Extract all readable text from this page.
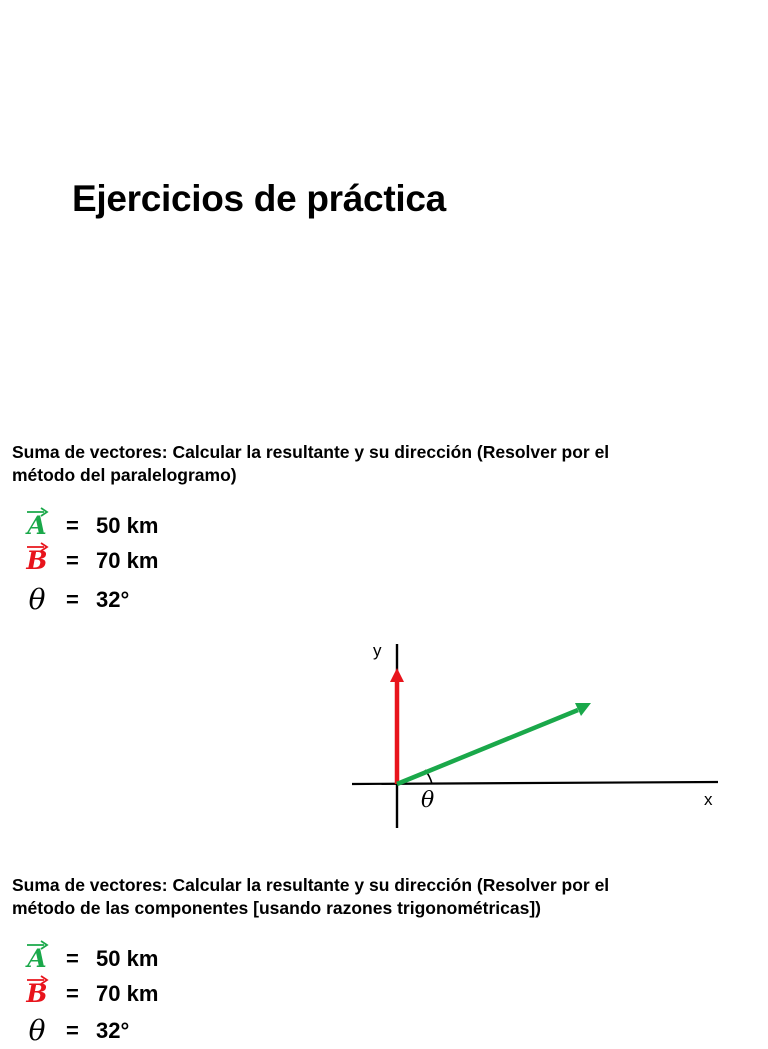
Ejercicios de práctica
Suma de vectores: Calcular la resultante y su dirección (Resolver por el
método del paralelogramo)
A = 50 km
B = 70 km
θ = 32°
y
x
θ
Suma de vectores: Calcular la resultante y su dirección (Resolver por el
método de las componentes [usando razones trigonométricas])
A = 50 km
B = 70 km
θ = 32°
